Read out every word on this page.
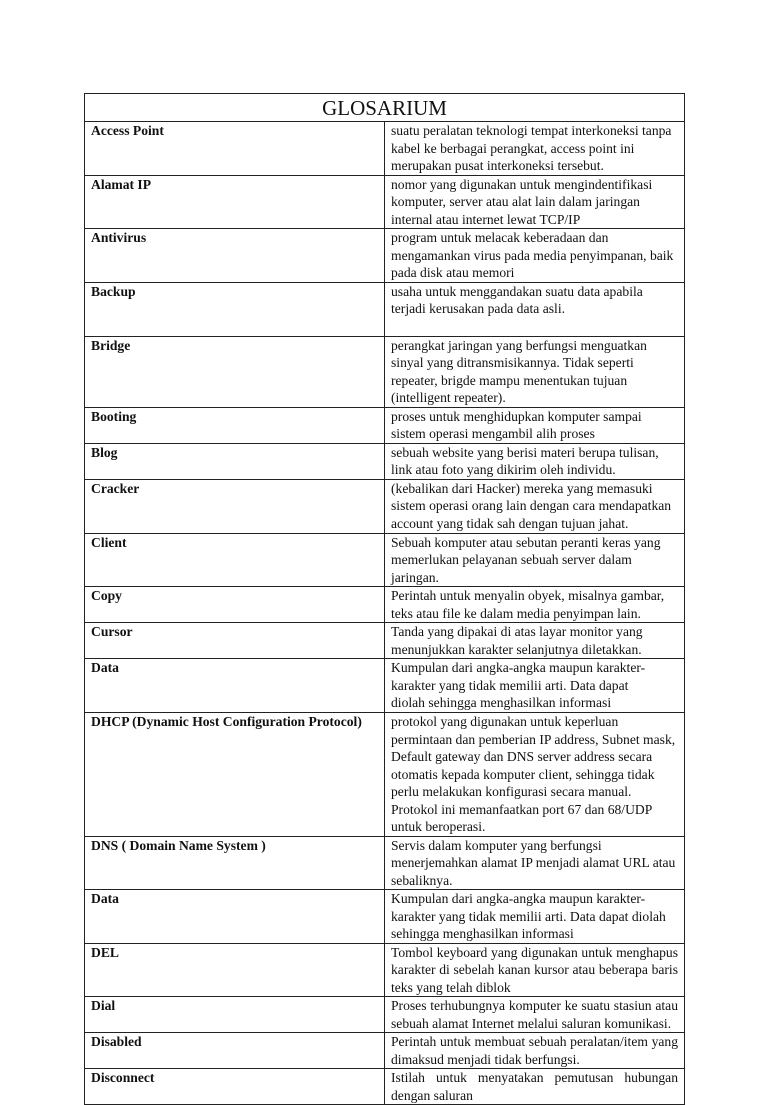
GLOSARIUM	
Access Point	suatu peralatan teknologi tempat interkoneksi tanpa kabel ke berbagai perangkat, access point ini merupakan pusat interkoneksi tersebut.
Alamat IP	nomor yang digunakan untuk mengindentifikasi komputer, server atau alat lain dalam jaringan internal atau internet lewat TCP/IP
Antivirus	program untuk melacak keberadaan dan mengamankan virus pada media penyimpanan, baik pada disk atau memori
Backup	usaha untuk menggandakan suatu data apabila terjadi kerusakan pada data asli.
Bridge	perangkat jaringan yang berfungsi menguatkan sinyal yang ditransmisikannya. Tidak seperti repeater, brigde mampu menentukan tujuan (intelligent repeater).
Booting	proses untuk menghidupkan komputer sampai sistem operasi mengambil alih proses
Blog	sebuah website yang berisi materi berupa tulisan, link atau foto yang dikirim oleh individu.
Cracker	(kebalikan dari Hacker) mereka yang memasuki sistem operasi orang lain dengan cara mendapatkan account yang tidak sah dengan tujuan jahat.
Client	Sebuah komputer atau sebutan peranti keras yang memerlukan pelayanan sebuah server dalam jaringan.
Copy	Perintah untuk menyalin obyek, misalnya gambar, teks atau file ke dalam media penyimpan lain.
Cursor	Tanda yang dipakai di atas layar monitor yang menunjukkan karakter selanjutnya diletakkan.
Data	Kumpulan dari angka-angka maupun karakter-karakter yang tidak memilii arti. Data dapat
diolah sehingga menghasilkan informasi
DHCP (Dynamic Host Configuration Protocol)	protokol yang digunakan untuk keperluan permintaan dan pemberian IP address, Subnet mask, Default gateway dan DNS server address secara otomatis kepada komputer client, sehingga tidak perlu melakukan konfigurasi secara manual. Protokol ini memanfaatkan port 67 dan 68/UDP untuk beroperasi.
DNS ( Domain Name System )	Servis dalam komputer yang berfungsi menerjemahkan alamat IP menjadi alamat URL atau sebaliknya.
Data	Kumpulan dari angka-angka maupun karakter-karakter yang tidak memilii arti. Data dapat diolah sehingga menghasilkan informasi
DEL	Tombol keyboard yang digunakan untuk menghapus karakter di sebelah kanan kursor atau beberapa baris teks yang telah diblok
Dial	Proses terhubungnya komputer ke suatu stasiun atau sebuah alamat Internet melalui saluran komunikasi.
Disabled	Perintah untuk membuat sebuah peralatan/item yang dimaksud menjadi tidak berfungsi.
Disconnect	Istilah untuk menyatakan pemutusan hubungan dengan saluran
